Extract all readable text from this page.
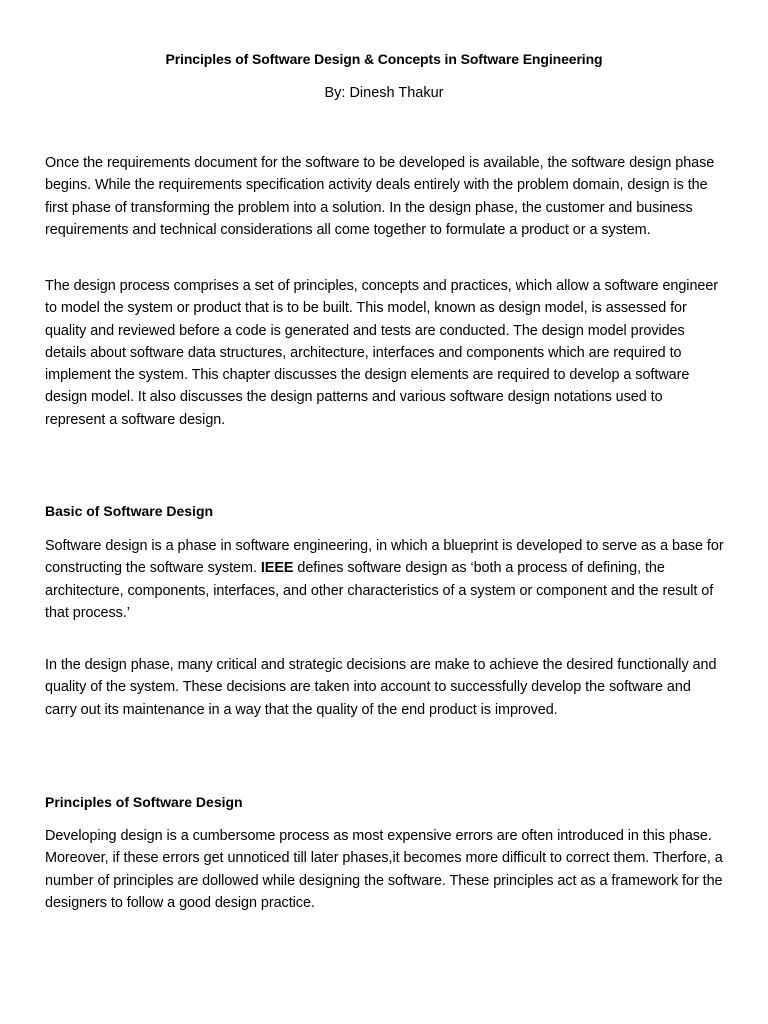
Principles of Software Design & Concepts in Software Engineering
By: Dinesh Thakur

Once the requirements document for the software to be developed is available, the software design phase begins. While the requirements specification activity deals entirely with the problem domain, design is the first phase of transforming the problem into a solution. In the design phase, the customer and business requirements and technical considerations all come together to formulate a product or a system.

The design process comprises a set of principles, concepts and practices, which allow a software engineer to model the system or product that is to be built. This model, known as design model, is assessed for quality and reviewed before a code is generated and tests are conducted. The design model provides details about software data structures, architecture, interfaces and components which are required to implement the system. This chapter discusses the design elements are required to develop a software design model. It also discusses the design patterns and various software design notations used to represent a software design.

Basic of Software Design

Software design is a phase in software engineering, in which a blueprint is developed to serve as a base for constructing the software system. IEEE defines software design as ‘both a process of defining, the architecture, components, interfaces, and other characteristics of a system or component and the result of that process.’

In the design phase, many critical and strategic decisions are make to achieve the desired functionally and quality of the system. These decisions are taken into account to successfully develop the software and carry out its maintenance in a way that the quality of the end product is improved.

Principles of Software Design

Developing design is a cumbersome process as most expensive errors are often introduced in this phase. Moreover, if these errors get unnoticed till later phases,it becomes more difficult to correct them. Therfore, a number of principles are dollowed while designing the software. These principles act as a framework for the designers to follow a good design practice.
